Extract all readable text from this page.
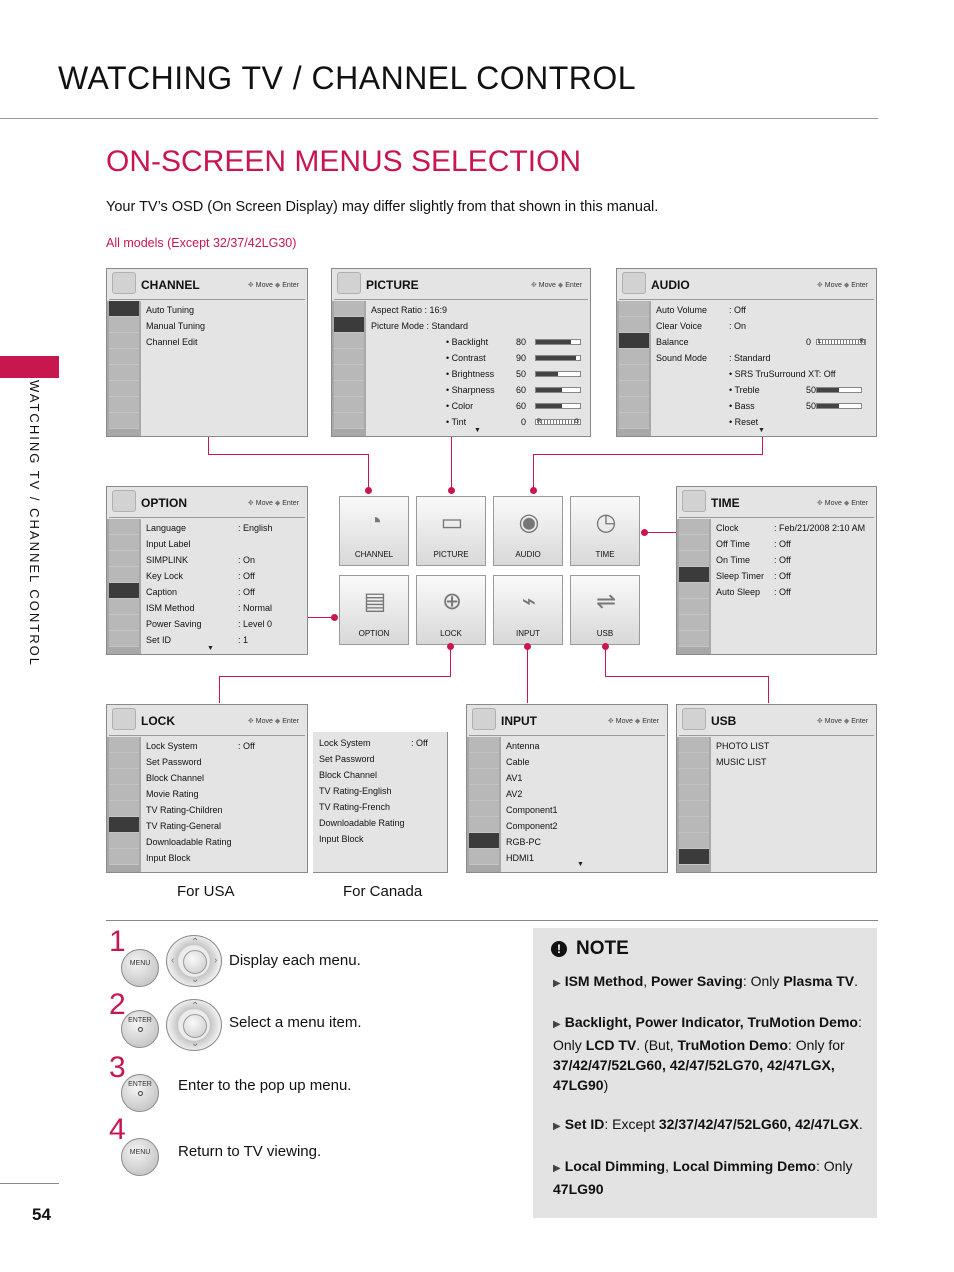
WATCHING TV / CHANNEL CONTROL
WATCHING TV / CHANNEL CONTROL
54
ON-SCREEN MENUS SELECTION
Your TV’s OSD (On Screen Display) may differ slightly from that shown in this manual.
All models (Except 32/37/42LG30)
CHANNEL	✥ Move ◆ Enter
Auto Tuning
Manual Tuning
Channel Edit
PICTURE	✥ Move ◆ Enter
Aspect Ratio : 16:9
Picture Mode : Standard
• Backlight	80
• Contrast	90
• Brightness 50
• Sharpness 60
• Color	60
• Tint	0 R	G
▼
AUDIO	✥ Move ◆ Enter
Auto Volume : Off
Clear Voice	: On
Balance	0 L	R
Sound Mode : Standard
• SRS TruSurround XT: Off
• Treble	50
• Bass	50
• Reset
▼
OPTION	✥ Move ◆ Enter
Language	: English
Input Label
SIMPLINK	: On
Key Lock	: Off
Caption	: Off
ISM Method	: Normal
Power Saving	: Level 0
Set ID	: 1
▼
◔
CHANNEL
▭
PICTURE
◉
AUDIO
◷
TIME
▤
OPTION
⊕
LOCK
⌁
INPUT
⇌
USB
TIME	✥ Move ◆ Enter
Clock	: Feb/21/2008 2:10 AM
Off Time	: Off
On Time	: Off
Sleep Timer : Off
Auto Sleep : Off
LOCK	✥ Move ◆ Enter
Lock System	: Off
Set Password
Block Channel
Movie Rating
TV Rating-Children
TV Rating-General
Downloadable Rating
Input Block
Lock System	: Off
Set Password
Block Channel
TV Rating-English
TV Rating-French
Downloadable Rating
Input Block
INPUT	✥ Move ◆ Enter
Antenna
Cable
AV1
AV2
Component1
Component2
RGB-PC
HDMI1
▼
USB	✥ Move ◆ Enter
PHOTO LIST
MUSIC LIST
For USA	For Canada
1
MENU
⌃
⌄
‹	› Display each menu.
2 ENTER
⌃
⌄
Select a menu item.
3
ENTER	Enter to the pop up menu.
4
MENU	Return to TV viewing.
! NOTE
▶ ISM Method, Power Saving: Only Plasma TV.
▶ Backlight, Power Indicator, TruMotion Demo: Only LCD TV. (But, TruMotion Demo: Only for 37/42/47/52LG60, 42/47/52LG70, 42/47LGX, 47LG90)
▶ Set ID: Except 32/37/42/47/52LG60, 42/47LGX.
▶ Local Dimming, Local Dimming Demo: Only 47LG90
